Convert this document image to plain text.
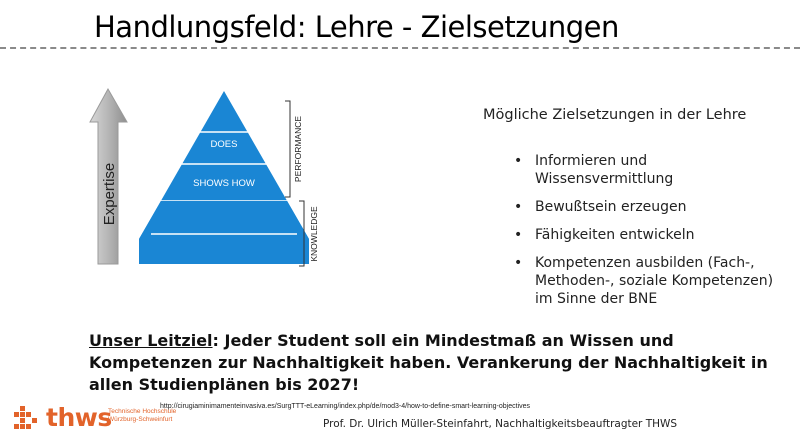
Handlungsfeld: Lehre - Zielsetzungen
Expertise
DOES
SHOWS HOW
PERFORMANCE
KNOWLEDGE
Mögliche Zielsetzungen in der Lehre
• Informieren und Wissensvermittlung
• Bewußtsein erzeugen
• Fähigkeiten entwickeln
• Kompetenzen ausbilden (Fach-,
Methoden-, soziale Kompetenzen)
im Sinne der BNE
Unser Leitziel: Jeder Student soll ein Mindestmaß an Wissen und Kompetenzen zur Nachhaltigkeit haben. Verankerung der Nachhaltigkeit in allen Studienplänen bis 2027!
http://cirugiaminimamenteinvasiva.es/SurgTTT-eLearning/index.php/de/mod3-4/how-to-define-smart-learning-objectives
Prof. Dr. Ulrich Müller-Steinfahrt, Nachhaltigkeitsbeauftragter THWS
thws
Technische Hochschule
Würzburg-Schweinfurt
